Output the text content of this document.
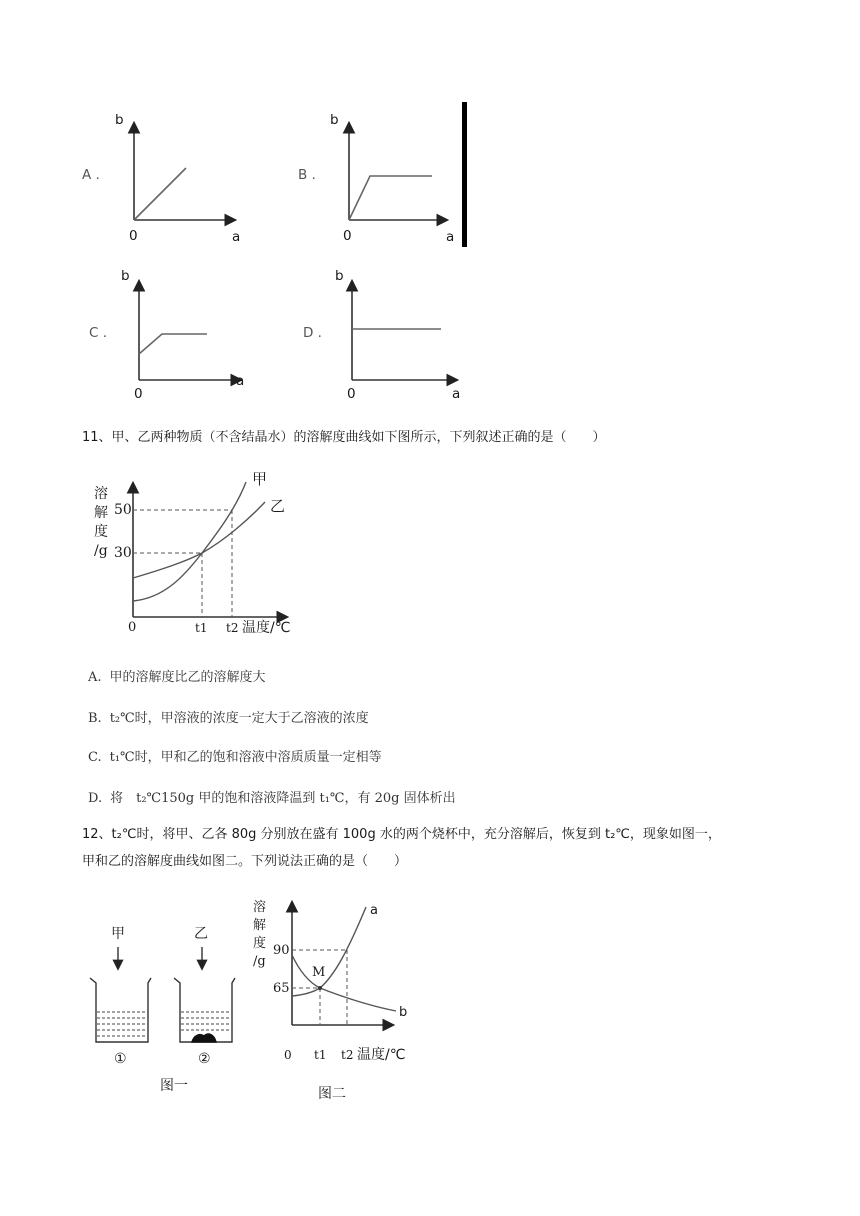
b
A .
0	a
b
B .
0	a
b
C .
0
a
b
D .
0	a
11、甲、乙两种物质（不含结晶水）的溶解度曲线如下图所示，下列叙述正确的是（　　）
溶
解
度
/g
50
30
0	t1 t2 温度/℃
甲
乙
A. 甲的溶解度比乙的溶解度大
B. t₂℃时，甲溶液的浓度一定大于乙溶液的浓度
C. t₁℃时，甲和乙的饱和溶液中溶质质量一定相等
D. 将　t₂℃150g 甲的饱和溶液降温到 t₁℃，有 20g 固体析出
12、t₂℃时，将甲、乙各 80g 分别放在盛有 100g 水的两个烧杯中，充分溶解后，恢复到 t₂℃，现象如图一，
甲和乙的溶解度曲线如图二。下列说法正确的是（　　）
甲	乙
①	②
图一
溶
解
度
/g
90
65
M
a
b
0 t1 t2 温度/℃
图二
